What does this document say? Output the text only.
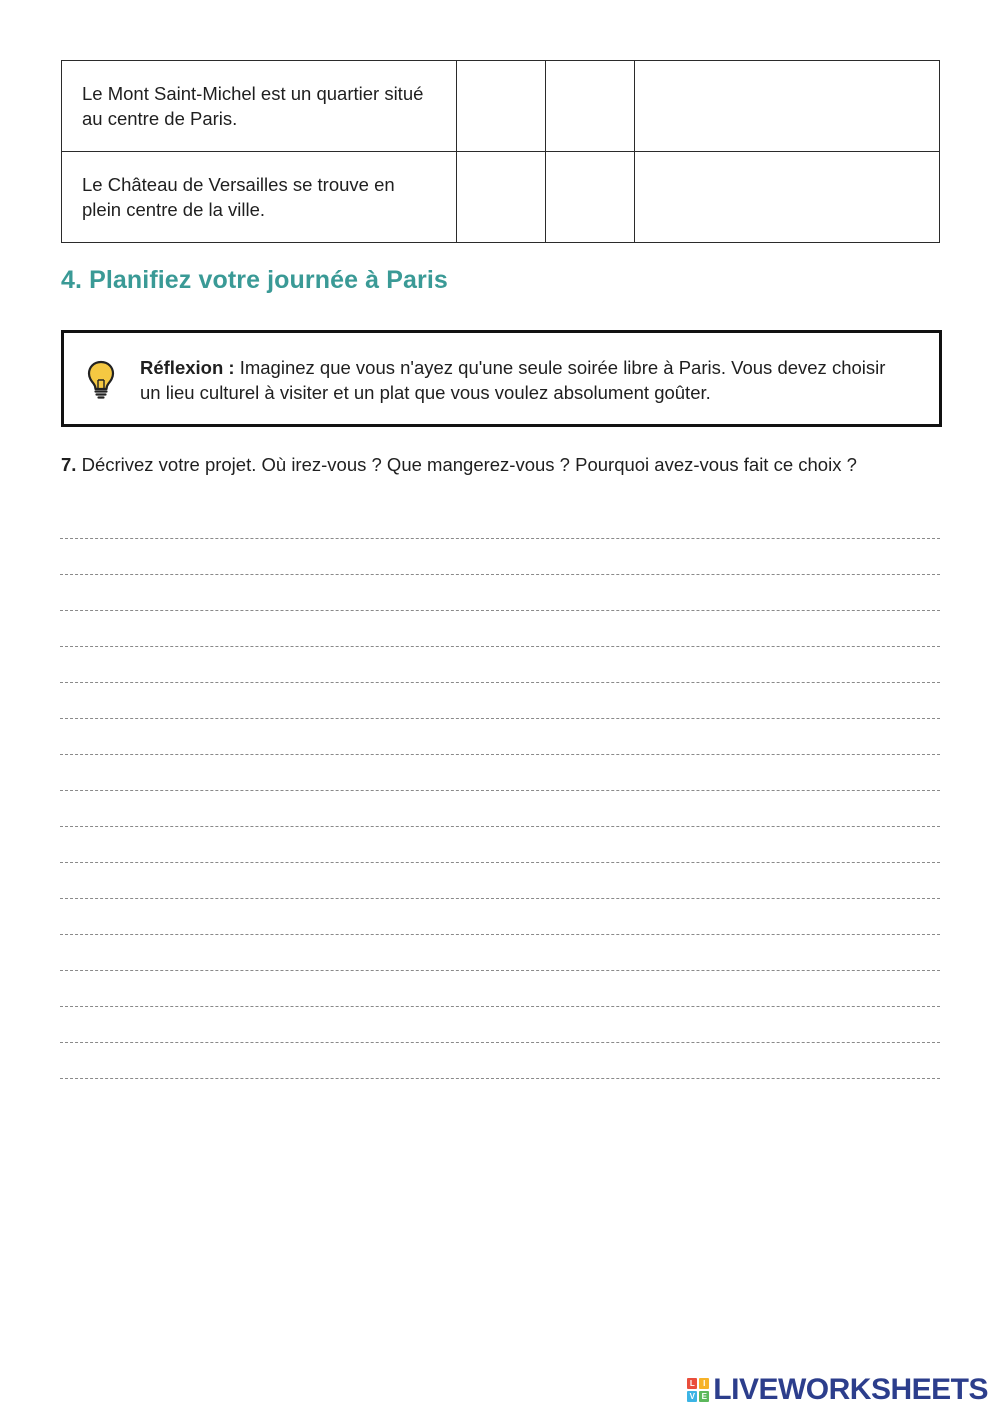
Le Mont Saint-Michel est un quartier situé au centre de Paris.			
Le Château de Versailles se trouve en plein centre de la ville.			
4. Planifiez votre journée à Paris

Réflexion : Imaginez que vous n'ayez qu'une seule soirée libre à Paris. Vous devez choisir un lieu culturel à visiter et un plat que vous voulez absolument goûter.

7. Décrivez votre projet. Où irez-vous ? Que mangerez-vous ? Pourquoi avez-vous fait ce choix ?

L	I
V E LIVEWORKSHEETS
